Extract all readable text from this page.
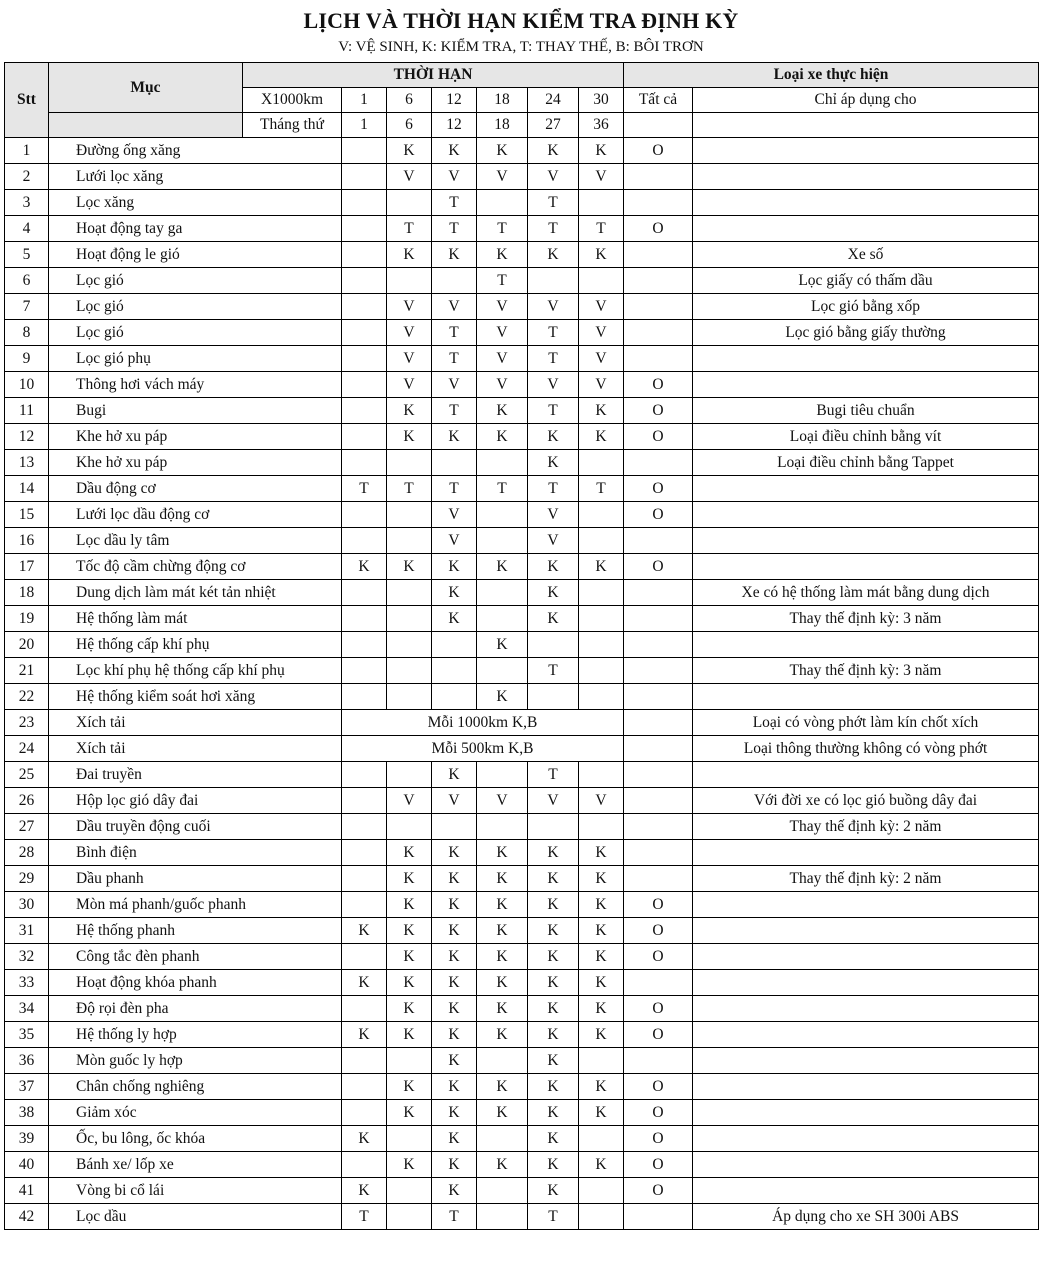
LỊCH VÀ THỜI HẠN KIỂM TRA ĐỊNH KỲ
V: VỆ SINH, K: KIỂM TRA, T: THAY THẾ, B: BÔI TRƠN
Stt	Mục	THỜI HẠN							Loại xe thực hiện	
		X1000km	1	6	12	18	24	30	Tất cả	Chỉ áp dụng cho
		Tháng thứ	1	6	12	18	27	36		
1	Đường ống xăng			K	K	K	K	K	O	
2	Lưới lọc xăng			V	V	V	V	V		
3	Lọc xăng				T		T			
4	Hoạt động tay ga			T	T	T	T	T	O	
5	Hoạt động le gió			K	K	K	K	K		Xe số
6	Lọc gió					T				Lọc giấy có thấm dầu
7	Lọc gió			V	V	V	V	V		Lọc gió bằng xốp
8	Lọc gió			V	T	V	T	V		Lọc gió bằng giấy thường
9	Lọc gió phụ			V	T	V	T	V		
10	Thông hơi vách máy			V	V	V	V	V	O	
11	Bugi			K	T	K	T	K	O	Bugi tiêu chuẩn
12	Khe hở xu páp			K	K	K	K	K	O	Loại điều chỉnh bằng vít
13	Khe hở xu páp						K			Loại điều chỉnh bằng Tappet
14	Dầu động cơ		T	T	T	T	T	T	O	
15	Lưới lọc dầu động cơ				V		V		O	
16	Lọc dầu ly tâm				V		V			
17	Tốc độ cầm chừng động cơ		K	K	K	K	K	K	O	
18	Dung dịch làm mát két tản nhiệt				K		K			Xe có hệ thống làm mát bằng dung dịch
19	Hệ thống làm mát				K		K			Thay thế định kỳ: 3 năm
20	Hệ thống cấp khí phụ					K				
21	Lọc khí phụ hệ thống cấp khí phụ						T			Thay thế định kỳ: 3 năm
22	Hệ thống kiểm soát hơi xăng					K				
23	Xích tải		Mỗi 1000km K,B							Loại có vòng phớt làm kín chốt xích
24	Xích tải		Mỗi 500km K,B							Loại thông thường không có vòng phớt
25	Đai truyền				K		T			
26	Hộp lọc gió dây đai			V	V	V	V	V		Với đời xe có lọc gió buồng dây đai
27	Dầu truyền động cuối									Thay thế định kỳ: 2 năm
28	Bình điện			K	K	K	K	K		
29	Dầu phanh			K	K	K	K	K		Thay thế định kỳ: 2 năm
30	Mòn má phanh/guốc phanh			K	K	K	K	K	O	
31	Hệ thống phanh		K	K	K	K	K	K	O	
32	Công tắc đèn phanh			K	K	K	K	K	O	
33	Hoạt động khóa phanh		K	K	K	K	K	K		
34	Độ rọi đèn pha			K	K	K	K	K	O	
35	Hệ thống ly hợp		K	K	K	K	K	K	O	
36	Mòn guốc ly hợp				K		K			
37	Chân chống nghiêng			K	K	K	K	K	O	
38	Giảm xóc			K	K	K	K	K	O	
39	Ốc, bu lông, ốc khóa		K		K		K		O	
40	Bánh xe/ lốp xe			K	K	K	K	K	O	
41	Vòng bi cổ lái		K		K		K		O	
42	Lọc dầu		T		T		T			Áp dụng cho xe SH 300i ABS
